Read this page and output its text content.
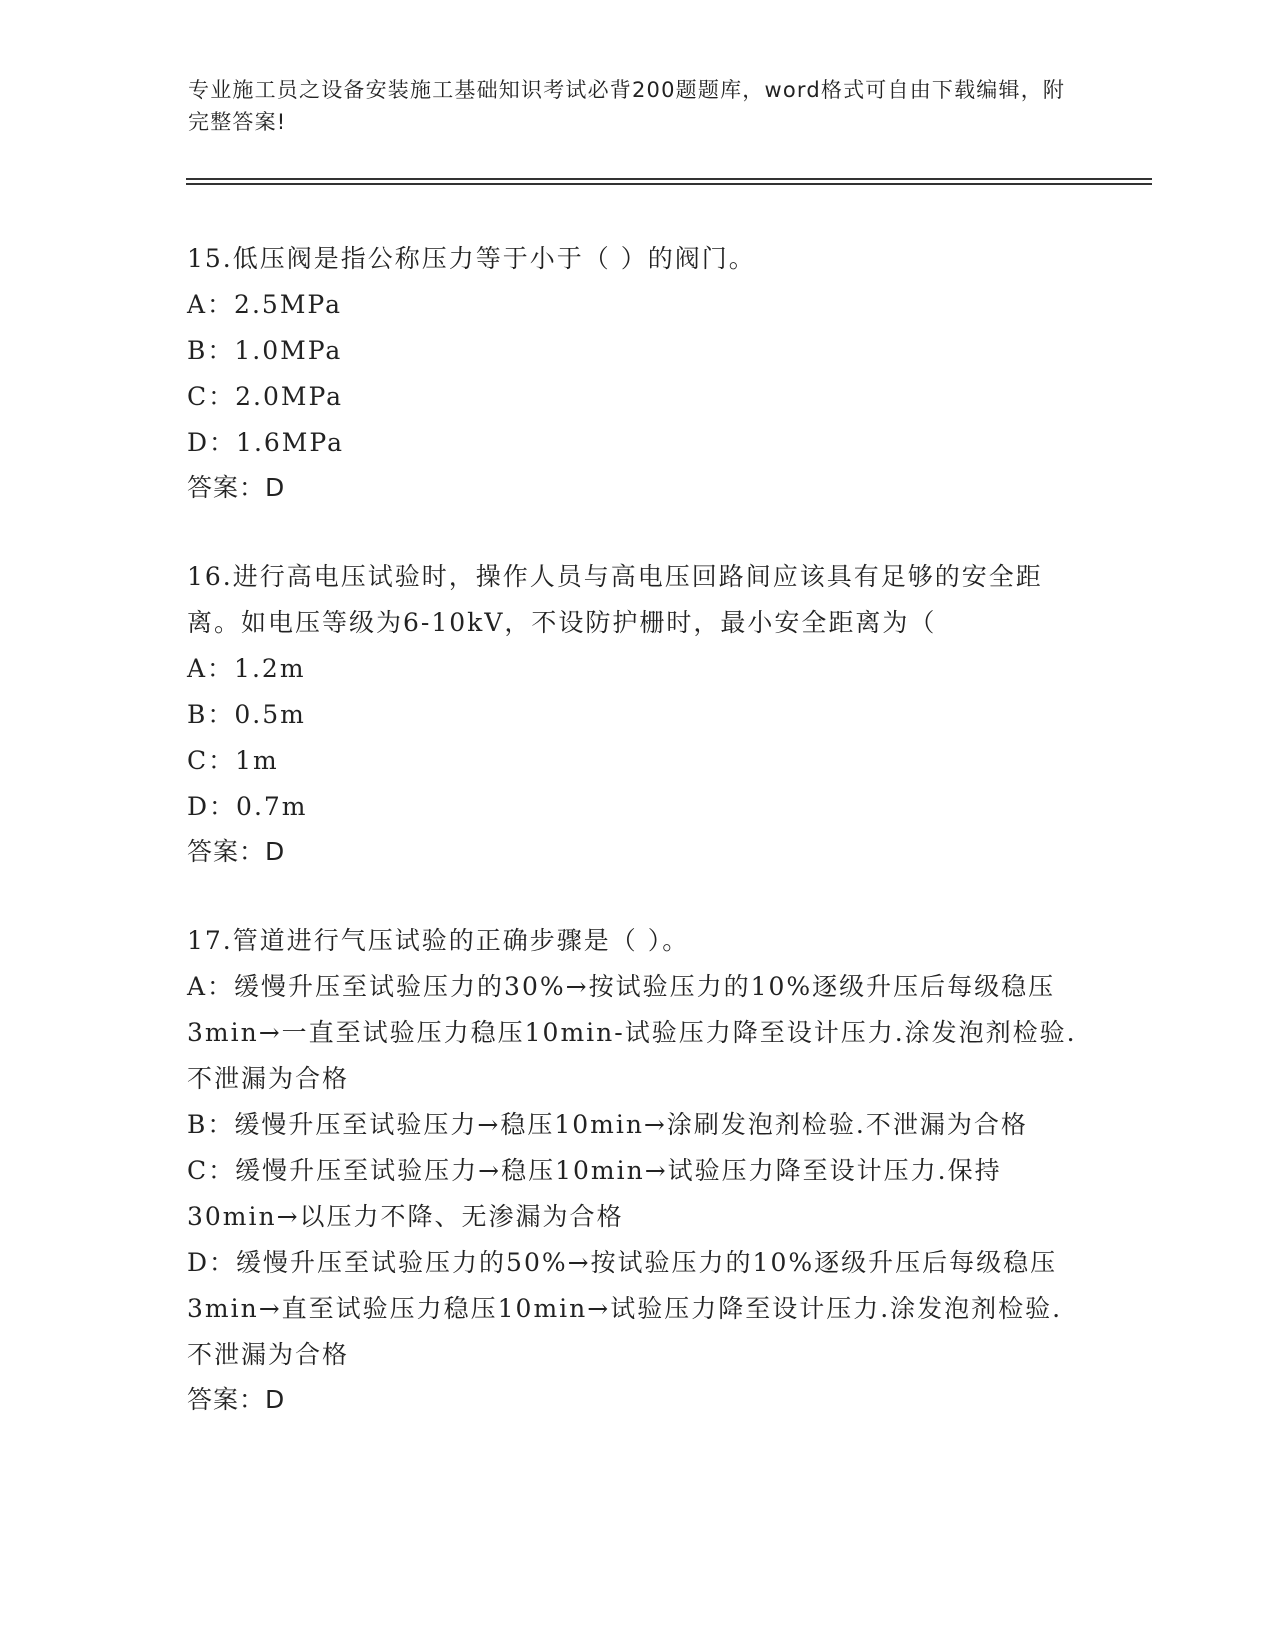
专业施工员之设备安装施工基础知识考试必背200题题库，word格式可自由下载编辑，附完整答案!
15.低压阀是指公称压力等于小于（ ）的阀门。
A：2.5MPa
B：1.0MPa
C：2.0MPa
D：1.6MPa
答案：D
16.进行高电压试验时，操作人员与高电压回路间应该具有足够的安全距离。如电压等级为6-10kV，不设防护栅时，最小安全距离为（
A：1.2m
B：0.5m
C：1m
D：0.7m
答案：D
17.管道进行气压试验的正确步骤是（ ）。
A：缓慢升压至试验压力的30%→按试验压力的10%逐级升压后每级稳压3min→一直至试验压力稳压10min-试验压力降至设计压力.涂发泡剂检验.不泄漏为合格
B：缓慢升压至试验压力→稳压10min→涂刷发泡剂检验.不泄漏为合格
C：缓慢升压至试验压力→稳压10min→试验压力降至设计压力.保持30min→以压力不降、无渗漏为合格
D：缓慢升压至试验压力的50%→按试验压力的10%逐级升压后每级稳压3min→直至试验压力稳压10min→试验压力降至设计压力.涂发泡剂检验.不泄漏为合格
答案：D
